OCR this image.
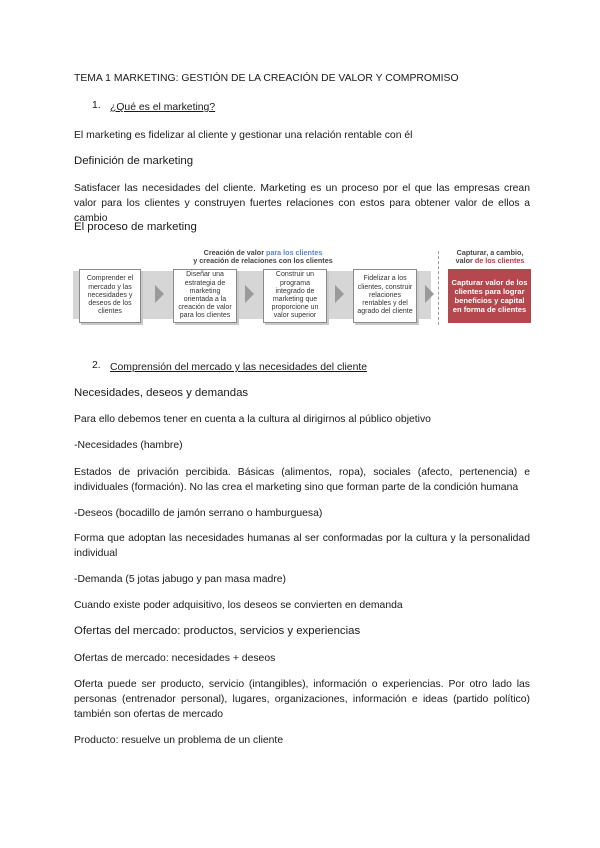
TEMA 1 MARKETING: GESTIÓN DE LA CREACIÓN DE VALOR Y COMPROMISO

1. ¿Qué es el marketing?

El marketing es fidelizar al cliente y gestionar una relación rentable con él

Definición de marketing

Satisfacer las necesidades del cliente. Marketing es un proceso por el que las empresas crean valor para los clientes y construyen fuertes relaciones con estos para obtener valor de ellos a cambio

El proceso de marketing

Creación de valor para los clientes
y creación de relaciones con los clientes
Capturar, a cambio,
valor de los clientes
Comprender el mercado y las necesidades y deseos de los clientes
Diseñar una estrategia de marketing orientada a la creación de valor para los clientes
Construir un programa integrado de marketing que proporcione un valor superior
Fidelizar a los clientes, construir relaciones rentables y del agrado del cliente
Capturar valor de los clientes para lograr beneficios y capital en forma de clientes
2. Comprensión del mercado y las necesidades del cliente

Necesidades, deseos y demandas

Para ello debemos tener en cuenta a la cultura al dirigirnos al público objetivo

-Necesidades (hambre)

Estados de privación percibida. Básicas (alimentos, ropa), sociales (afecto, pertenencia) e individuales (formación). No las crea el marketing sino que forman parte de la condición humana

-Deseos (bocadillo de jamón serrano o hamburguesa)

Forma que adoptan las necesidades humanas al ser conformadas por la cultura y la personalidad individual

-Demanda (5 jotas jabugo y pan masa madre)

Cuando existe poder adquisitivo, los deseos se convierten en demanda

Ofertas del mercado: productos, servicios y experiencias

Ofertas de mercado: necesidades + deseos

Oferta puede ser producto, servicio (intangibles), información o experiencias. Por otro lado las personas (entrenador personal), lugares, organizaciones, información e ideas (partido político) también son ofertas de mercado

Producto: resuelve un problema de un cliente
